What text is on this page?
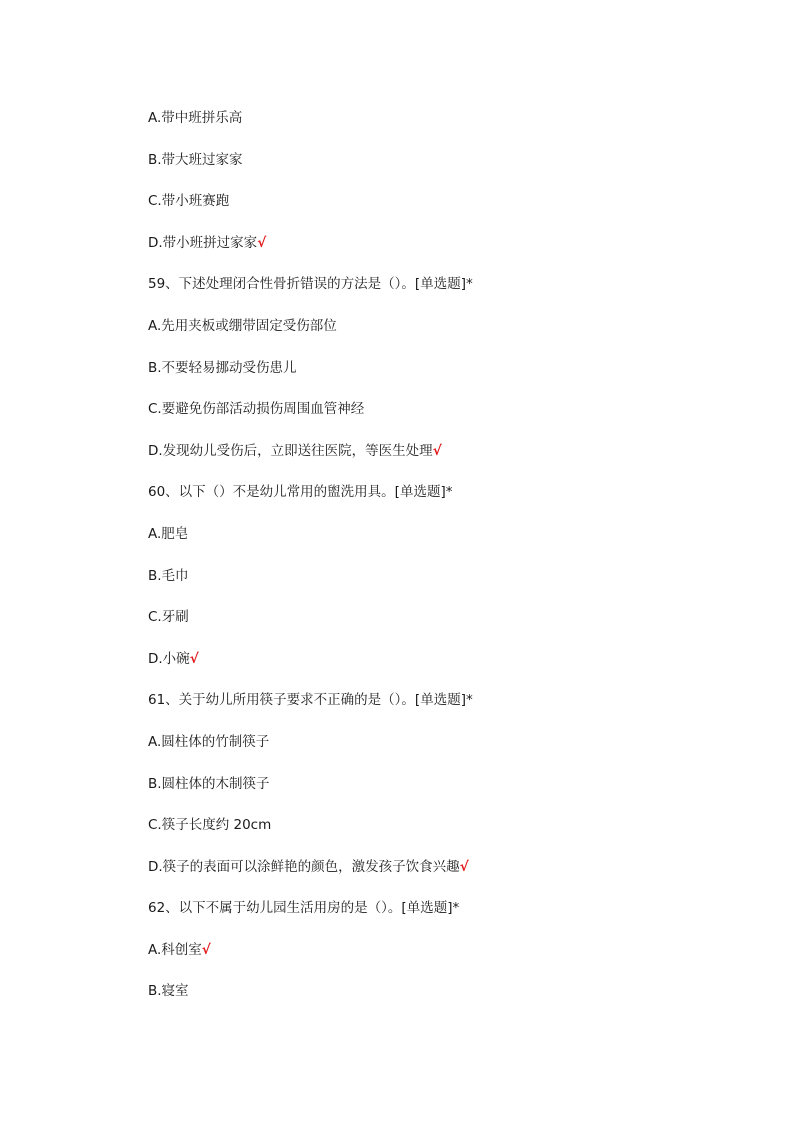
A.带中班拼乐高
B.带大班过家家
C.带小班赛跑
D.带小班拼过家家√
59、下述处理闭合性骨折错误的方法是（）。[单选题]*
A.先用夹板或绷带固定受伤部位
B.不要轻易挪动受伤患儿
C.要避免伤部活动损伤周围血管神经
D.发现幼儿受伤后，立即送往医院，等医生处理√
60、以下（）不是幼儿常用的盥洗用具。[单选题]*
A.肥皂
B.毛巾
C.牙刷
D.小碗√
61、关于幼儿所用筷子要求不正确的是（）。[单选题]*
A.圆柱体的竹制筷子
B.圆柱体的木制筷子
C.筷子长度约 20cm
D.筷子的表面可以涂鲜艳的颜色，激发孩子饮食兴趣√
62、以下不属于幼儿园生活用房的是（）。[单选题]*
A.科创室√
B.寝室
